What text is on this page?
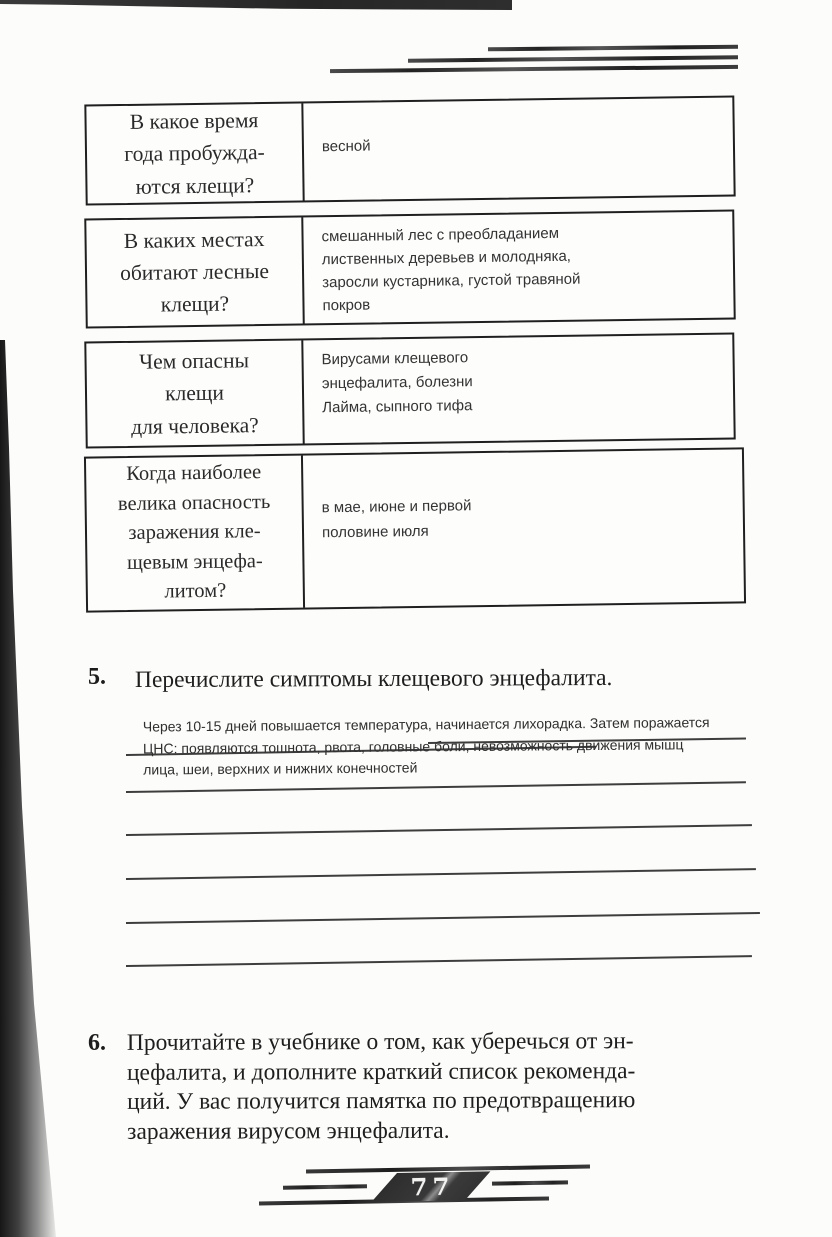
В какое время
года пробужда-
ются клещи?
весной
В каких местах
обитают лесные
клещи?
смешанный лес с преобладанием
лиственных деревьев и молодняка,
заросли кустарника, густой травяной
покров
Чем опасны
клещи
для человека?
Вирусами клещевого
энцефалита, болезни
Лайма, сыпного тифа
Когда наиболее
велика опасность
заражения кле-
щевым энцефа-
литом?
в мае, июне и первой
половине июля
5. Перечислите симптомы клещевого энцефалита.
Через 10-15 дней повышается температура, начинается лихорадка. Затем поражается
ЦНС: появляются тошнота, рвота, головные боли, невозможность движения мышц
лица, шеи, верхних и нижних конечностей
6. Прочитайте в учебнике о том, как уберечься от эн-
цефалита, и дополните краткий список рекоменда-
ций. У вас получится памятка по предотвращению
заражения вирусом энцефалита.
77
